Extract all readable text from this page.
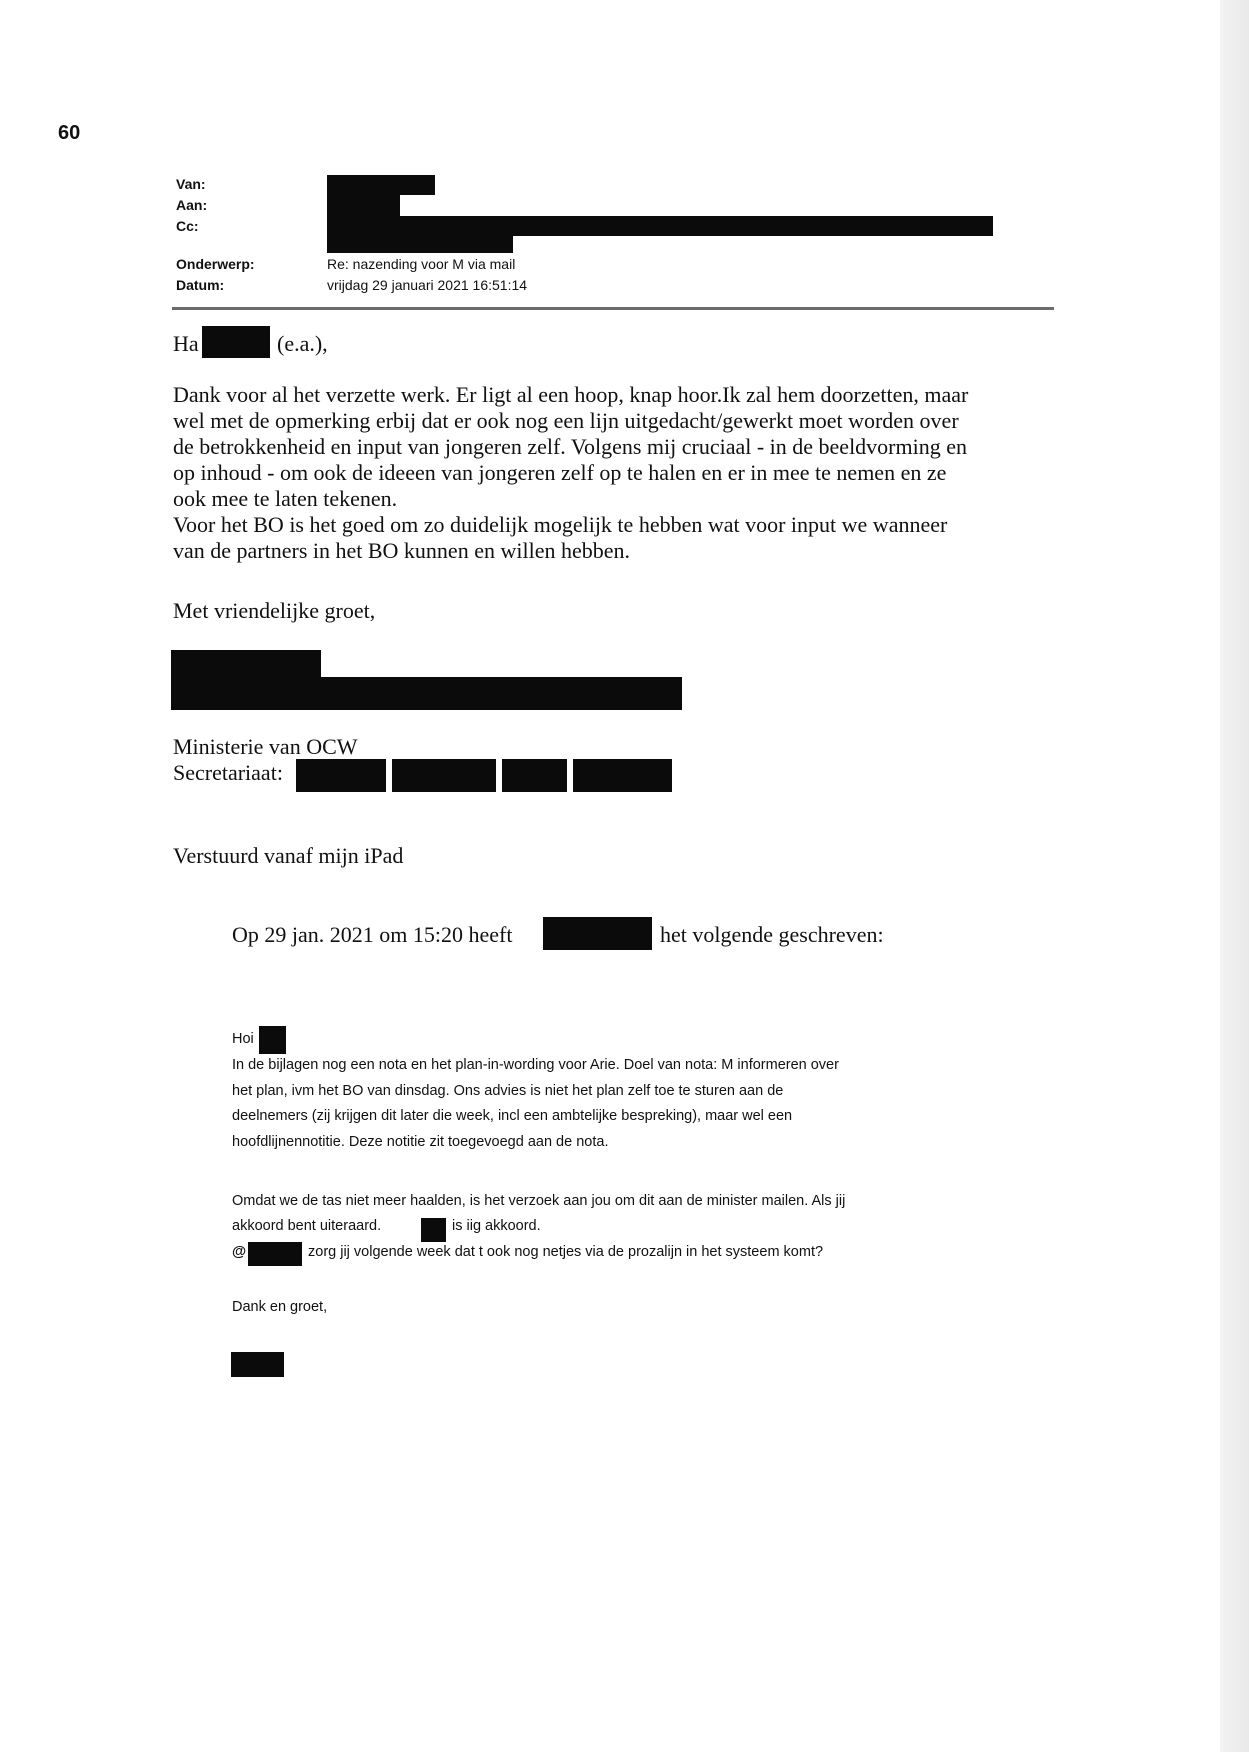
60
Van:
Aan:
Cc:
Onderwerp:	Re: nazending voor M via mail
Datum:	vrijdag 29 januari 2021 16:51:14
Ha	(e.a.),
Dank voor al het verzette werk. Er ligt al een hoop, knap hoor.Ik zal hem doorzetten, maar
wel met de opmerking erbij dat er ook nog een lijn uitgedacht/gewerkt moet worden over
de betrokkenheid en input van jongeren zelf. Volgens mij cruciaal - in de beeldvorming en
op inhoud - om ook de ideeen van jongeren zelf op te halen en er in mee te nemen en ze
ook mee te laten tekenen.
Voor het BO is het goed om zo duidelijk mogelijk te hebben wat voor input we wanneer
van de partners in het BO kunnen en willen hebben.
Met vriendelijke groet,
Ministerie van OCW
Secretariaat:
Verstuurd vanaf mijn iPad
Op 29 jan. 2021 om 15:20 heeft	het volgende geschreven:
Hoi
In de bijlagen nog een nota en het plan-in-wording voor Arie. Doel van nota: M informeren over
het plan, ivm het BO van dinsdag. Ons advies is niet het plan zelf toe te sturen aan de
deelnemers (zij krijgen dit later die week, incl een ambtelijke bespreking), maar wel een
hoofdlijnennotitie. Deze notitie zit toegevoegd aan de nota.
Omdat we de tas niet meer haalden, is het verzoek aan jou om dit aan de minister mailen. Als jij
akkoord bent uiteraard.	is iig akkoord.
@	zorg jij volgende week dat t ook nog netjes via de prozalijn in het systeem komt?
Dank en groet,
